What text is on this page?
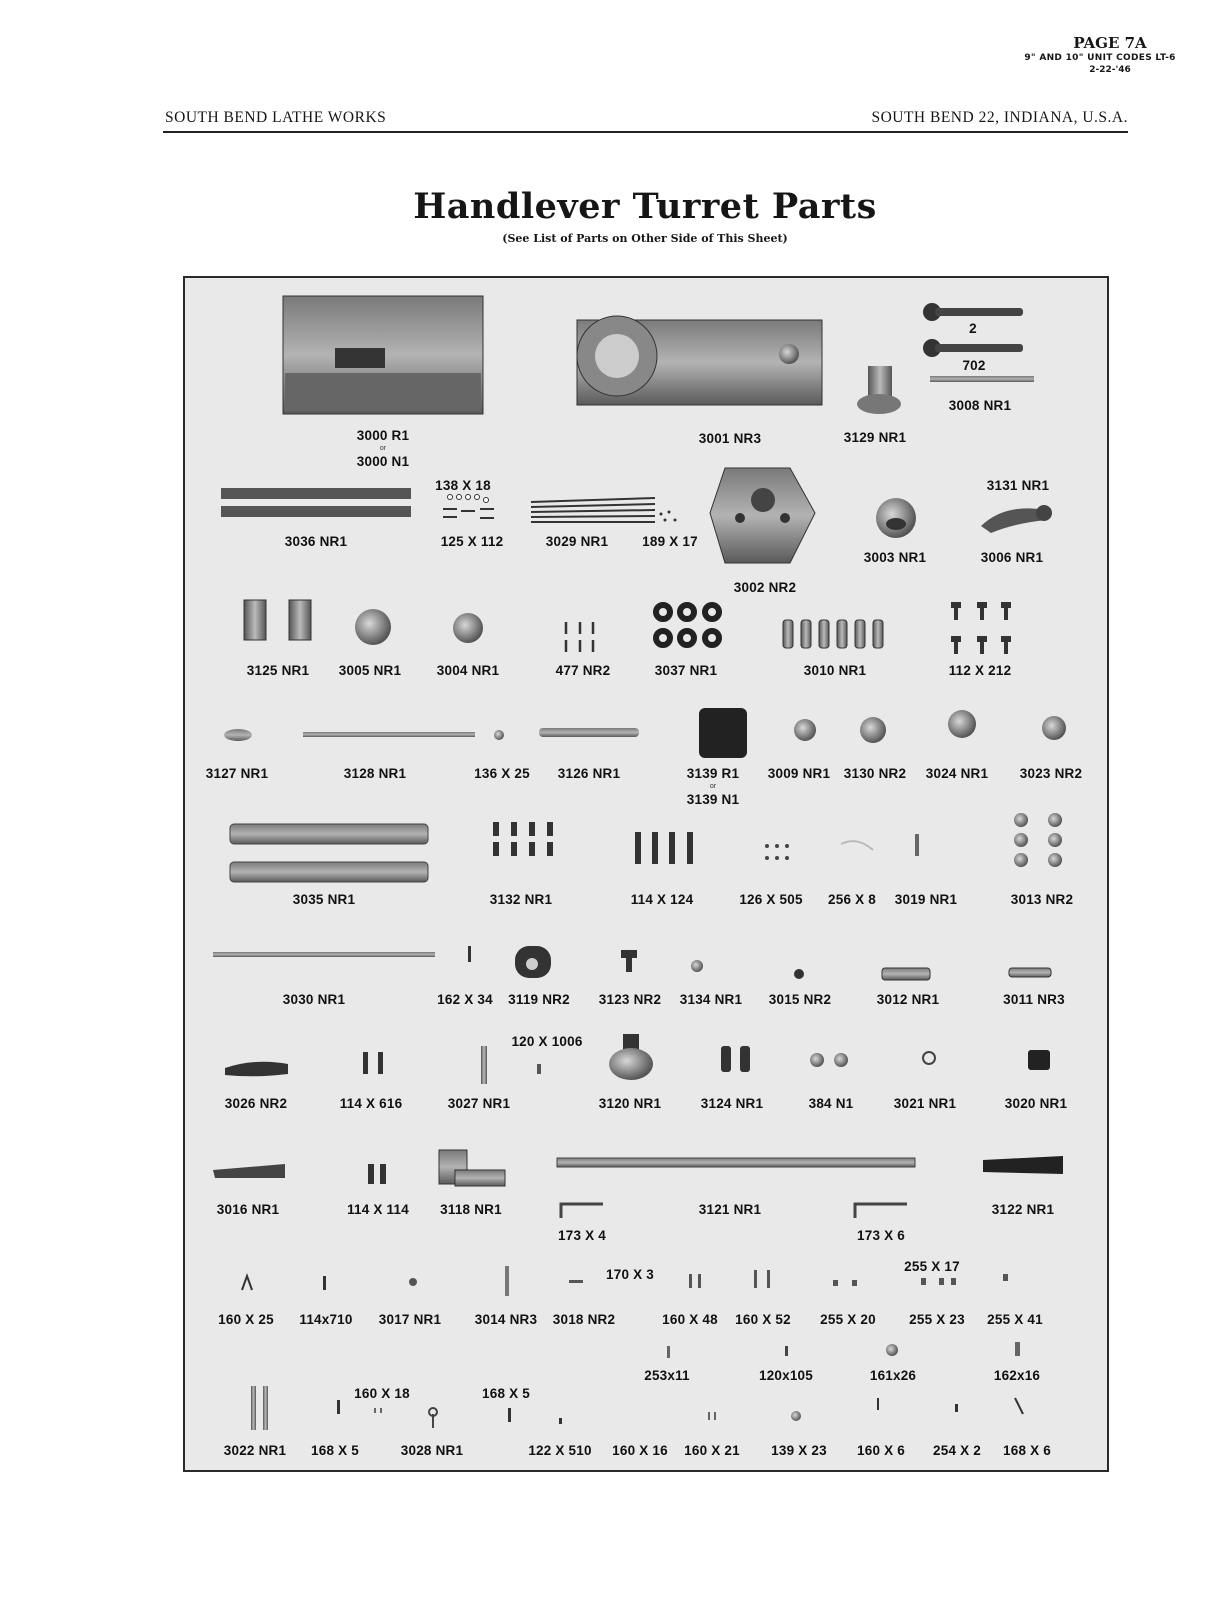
PAGE 7A
9" AND 10" UNIT CODES LT-6
2-22-'46
SOUTH BEND LATHE WORKS	SOUTH BEND 22, INDIANA, U.S.A.
Handlever Turret Parts
(See List of Parts on Other Side of This Sheet)
3001 NR3
2
702
3008 NR1
3129 NR1
138 X 18
3036 NR1	125 X 112	3029 NR1	189 X 17
3002 NR2
3003 NR1
3131 NR1
3006 NR1
3125 NR1 3005 NR1	3004 NR1	477 NR2	3037 NR1	3010 NR1	112 X 212
3127 NR1	3128 NR1	136 X 25 3126 NR1	3009 NR1 3130 NR2 3024 NR1 3023 NR2
3035 NR1	3132 NR1	114 X 124	126 X 505 256 X 8 3019 NR1	3013 NR2
3030 NR1	162 X 34 3119 NR2 3123 NR2 3134 NR1 3015 NR2	3012 NR1	3011 NR3
120 X 1006
3026 NR2	114 X 616	3027 NR1	3120 NR1	3124 NR1	384 N1	3021 NR1	3020 NR1
3016 NR1	114 X 114 3118 NR1	3121 NR1	3122 NR1
173 X 4	173 X 6
255 X 17
170 X 3
160 X 25 114x710 3017 NR1 3014 NR3 3018 NR2	160 X 48 160 X 52 255 X 20 255 X 23 255 X 41
253x11	120x105	161x26	162x16
160 X 18	168 X 5
3022 NR1 168 X 5	3028 NR1	122 X 510 160 X 16 160 X 21 139 X 23 160 X 6 254 X 2 168 X 6
3000 R1
or
3000 N1
3139 R1
or
3139 N1
